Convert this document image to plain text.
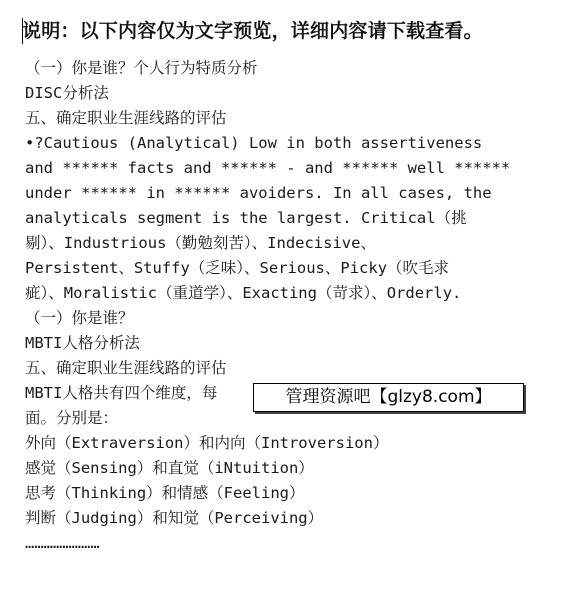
说明：以下内容仅为文字预览，详细内容请下载查看。
（一）你是谁？个人行为特质分析
DISC分析法
五、确定职业生涯线路的评估
•?Cautious (Analytical) Low in both assertiveness
and ****** facts and ****** - and ****** well ******
under ****** in ****** avoiders. In all cases, the
analyticals segment is the largest. Critical（挑
剔）、Industrious（勤勉刻苦）、Indecisive、
Persistent、Stuffy（乏味）、Serious、Picky（吹毛求
疵）、Moralistic（重道学）、Exacting（苛求）、Orderly.
（一）你是谁？
MBTI人格分析法
五、确定职业生涯线路的评估
MBTI人格共有四个维度，每
面。分别是：
外向（Extraversion）和内向（Introversion）
感觉（Sensing）和直觉（iNtuition）
思考（Thinking）和情感（Feeling）
判断（Judging）和知觉（Perceiving）
……………………
管理资源吧【glzy8.com】
